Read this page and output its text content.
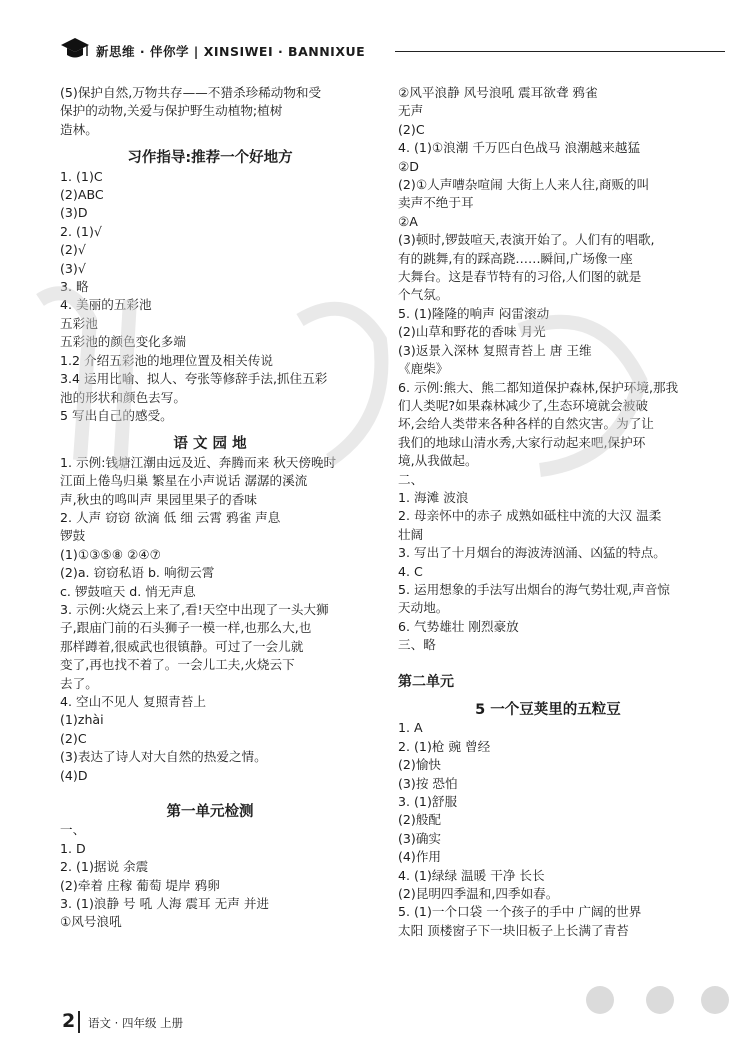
新思维 · 伴你学 | XINSIWEI · BANNIXUE
(5)保护自然,万物共存——不猎杀珍稀动物和受
保护的动物,关爱与保护野生动植物;植树
造林。
习作指导:推荐一个好地方
1. (1)C
(2)ABC
(3)D
2. (1)√
(2)√
(3)√
3. 略
4. 美丽的五彩池
五彩池
五彩池的颜色变化多端
1.2 介绍五彩池的地理位置及相关传说
3.4 运用比喻、拟人、夸张等修辞手法,抓住五彩
池的形状和颜色去写。
5 写出自己的感受。
语 文 园 地
1. 示例:钱塘江潮由远及近、奔腾而来 秋天傍晚时
江面上倦鸟归巢 繁星在小声说话 潺潺的溪流
声,秋虫的鸣叫声 果园里果子的香味
2. 人声 窃窃 欲滴 低 细 云霄 鸦雀 声息
锣鼓
(1)①③⑤⑧ ②④⑦
(2)a. 窃窃私语 b. 响彻云霄
c. 锣鼓喧天 d. 悄无声息
3. 示例:火烧云上来了,看!天空中出现了一头大狮
子,跟庙门前的石头狮子一模一样,也那么大,也
那样蹲着,很威武也很镇静。可过了一会儿就
变了,再也找不着了。一会儿工夫,火烧云下
去了。
4. 空山不见人 复照青苔上
(1)zhài
(2)C
(3)表达了诗人对大自然的热爱之情。
(4)D
第一单元检测
一、
1. D
2. (1)据说 余震
(2)牵着 庄稼 葡萄 堤岸 鸦卵
3. (1)浪静 号 吼 人海 震耳 无声 并进
①风号浪吼
②风平浪静 风号浪吼 震耳欲聋 鸦雀
无声
(2)C
4. (1)①浪潮 千万匹白色战马 浪潮越来越猛
②D
(2)①人声嘈杂喧闹 大街上人来人往,商贩的叫
卖声不绝于耳
②A
(3)顿时,锣鼓喧天,表演开始了。人们有的唱歌,
有的跳舞,有的踩高跷……瞬间,广场像一座
大舞台。这是春节特有的习俗,人们图的就是
个气氛。
5. (1)隆隆的响声 闷雷滚动
(2)山草和野花的香味 月光
(3)返景入深林 复照青苔上 唐 王维
《鹿柴》
6. 示例:熊大、熊二都知道保护森林,保护环境,那我
们人类呢?如果森林减少了,生态环境就会被破
坏,会给人类带来各种各样的自然灾害。为了让
我们的地球山清水秀,大家行动起来吧,保护环
境,从我做起。
二、
1. 海滩 波浪
2. 母亲怀中的赤子 成熟如砥柱中流的大汉 温柔
壮阔
3. 写出了十月烟台的海波涛汹涌、凶猛的特点。
4. C
5. 运用想象的手法写出烟台的海气势壮观,声音惊
天动地。
6. 气势雄壮 刚烈豪放
三、略
第二单元
5 一个豆荚里的五粒豆
1. A
2. (1)枪 豌 曾经
(2)愉快
(3)按 恐怕
3. (1)舒服
(2)般配
(3)确实
(4)作用
4. (1)绿绿 温暖 干净 长长
(2)昆明四季温和,四季如春。
5. (1)一个口袋 一个孩子的手中 广阔的世界
太阳 顶楼窗子下一块旧板子上长满了青苔
2 语文 · 四年级 上册
